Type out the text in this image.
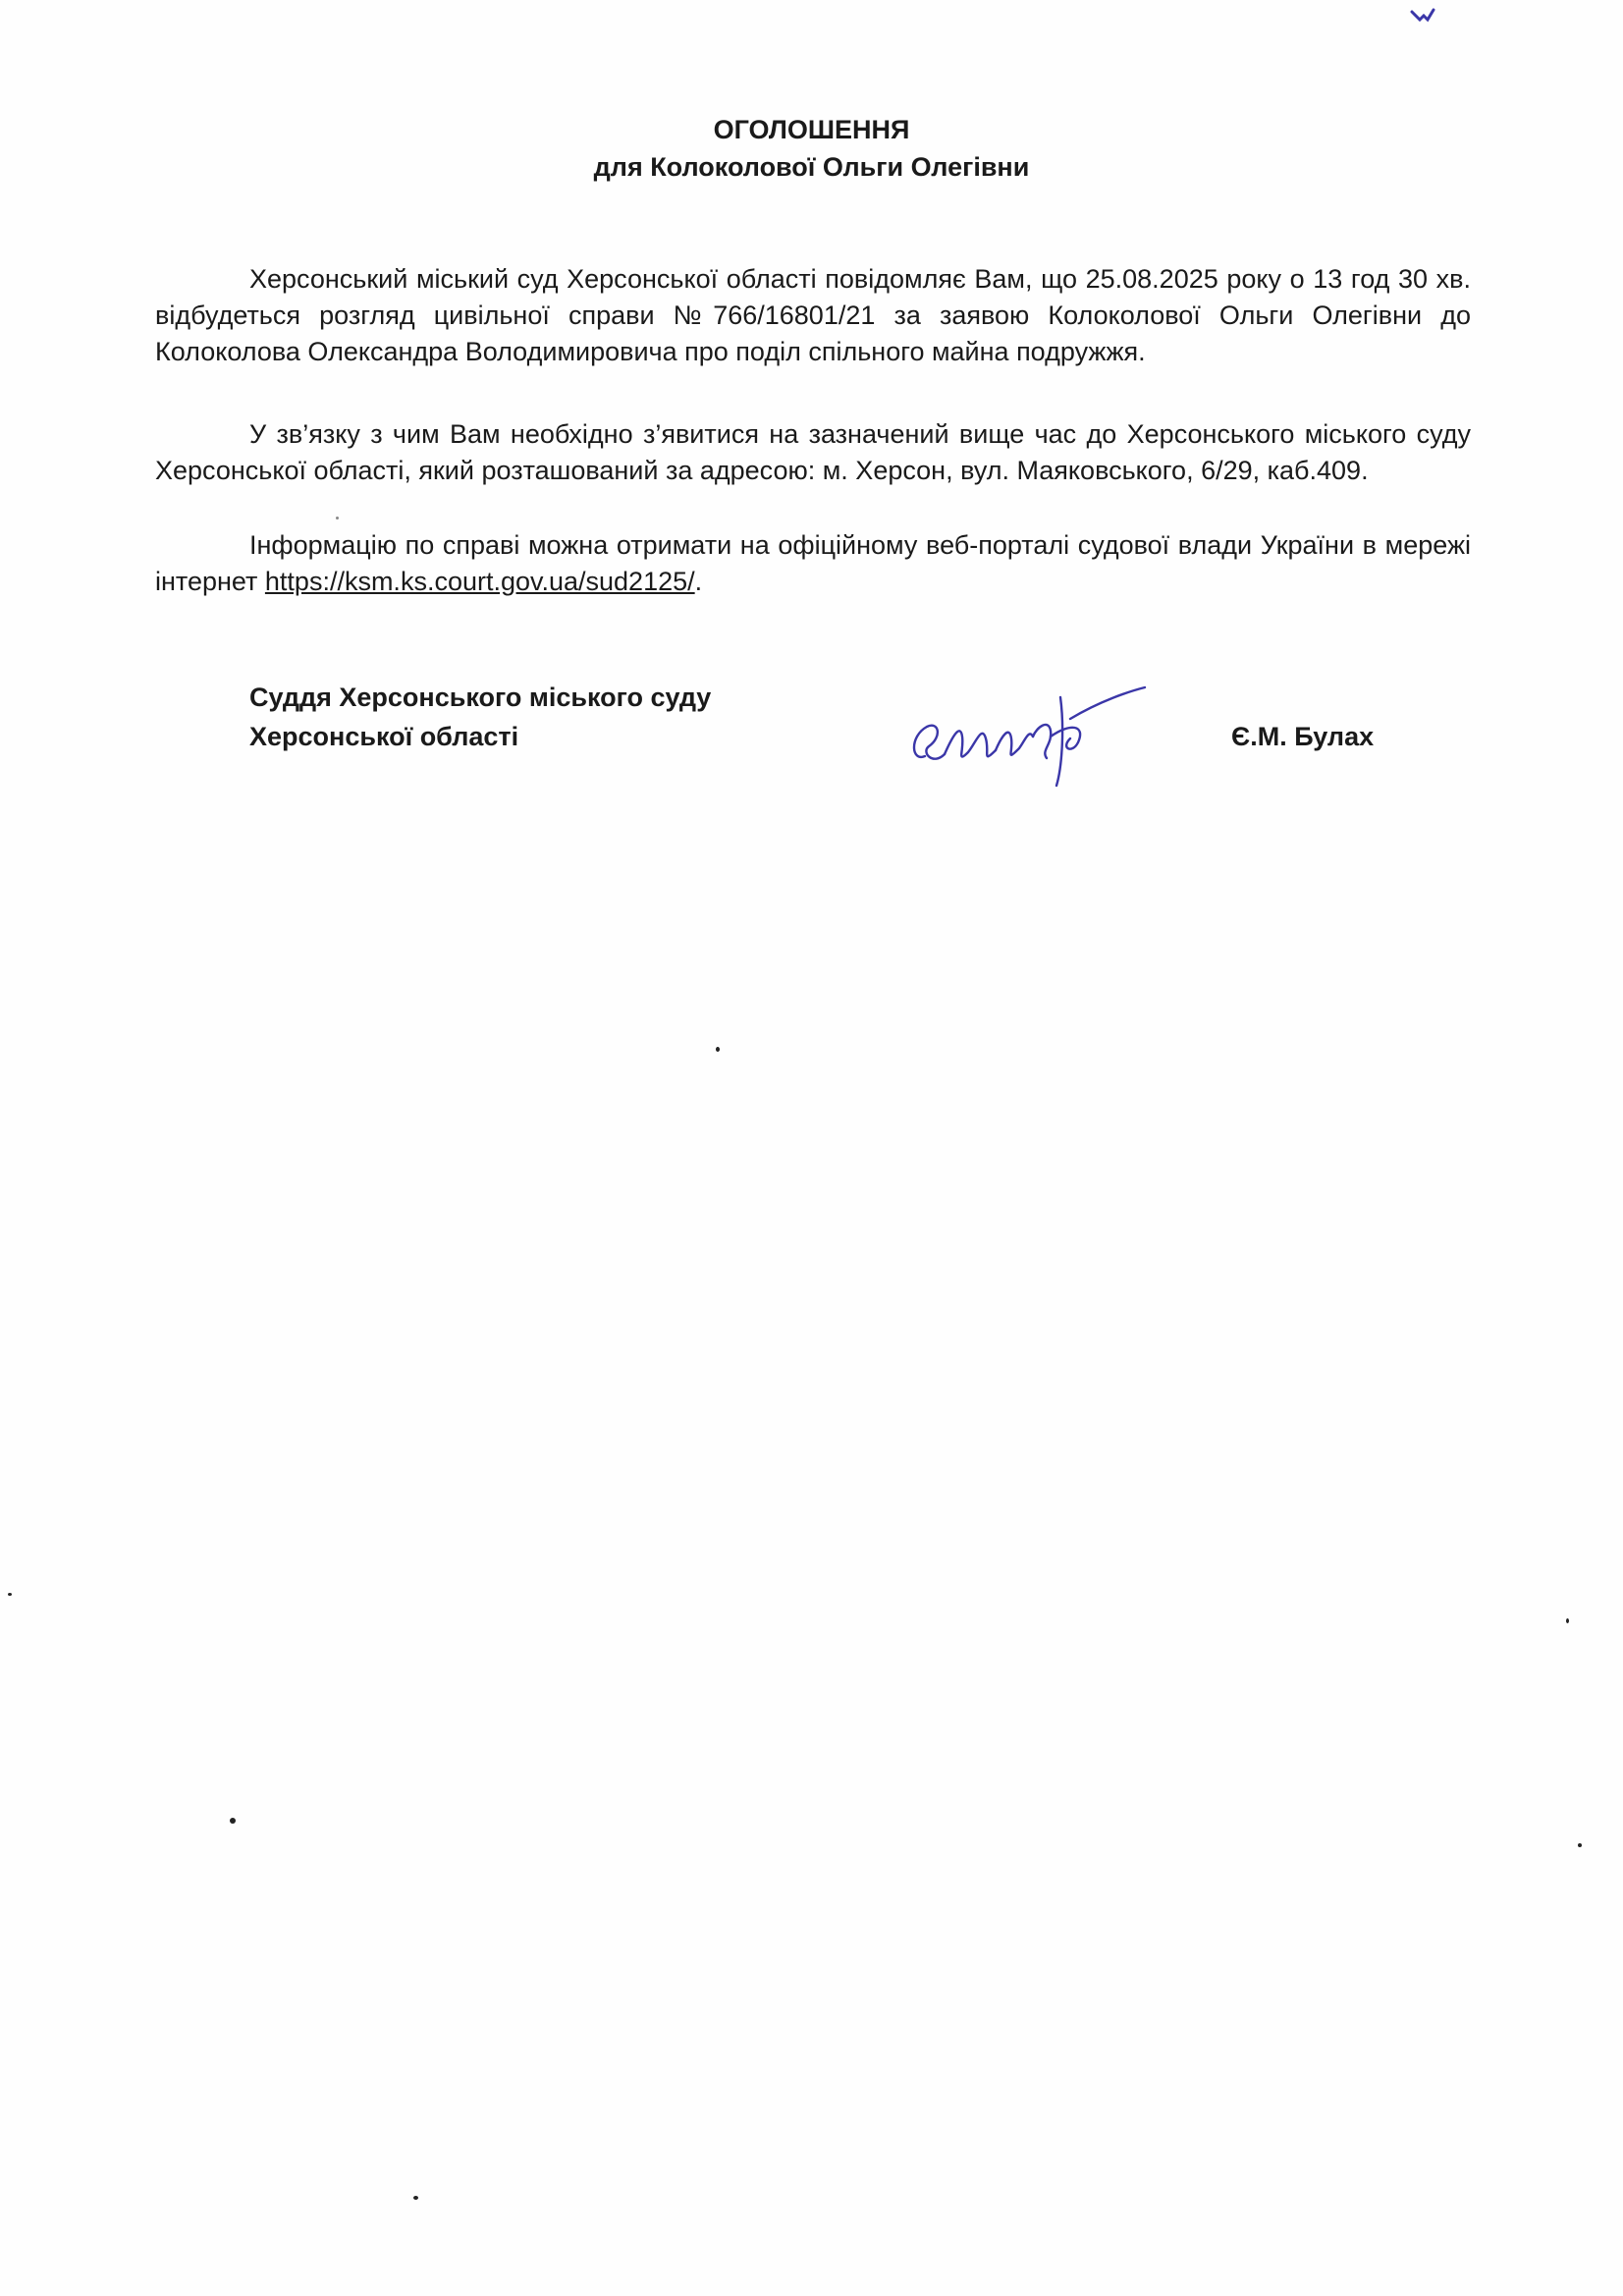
ОГОЛОШЕННЯ
для Колоколової Ольги Олегівни

Херсонський міський суд Херсонської області повідомляє Вам, що 25.08.2025 року о 13 год 30 хв. відбудеться розгляд цивільної справи №766/16801/21 за заявою Колоколової Ольги Олегівни до Колоколова Олександра Володимировича про поділ спільного майна подружжя.

У зв’язку з чим Вам необхідно з’явитися на зазначений вище час до Херсонського міського суду Херсонської області, який розташований за адресою: м. Херсон, вул. Маяковського, 6/29, каб.409.

Інформацію по справі можна отримати на офіційному веб-порталі судової влади України в мережі інтернет https://ksm.ks.court.gov.ua/sud2125/.

Суддя Херсонського міського суду
Херсонської області	Є.М. Булах
